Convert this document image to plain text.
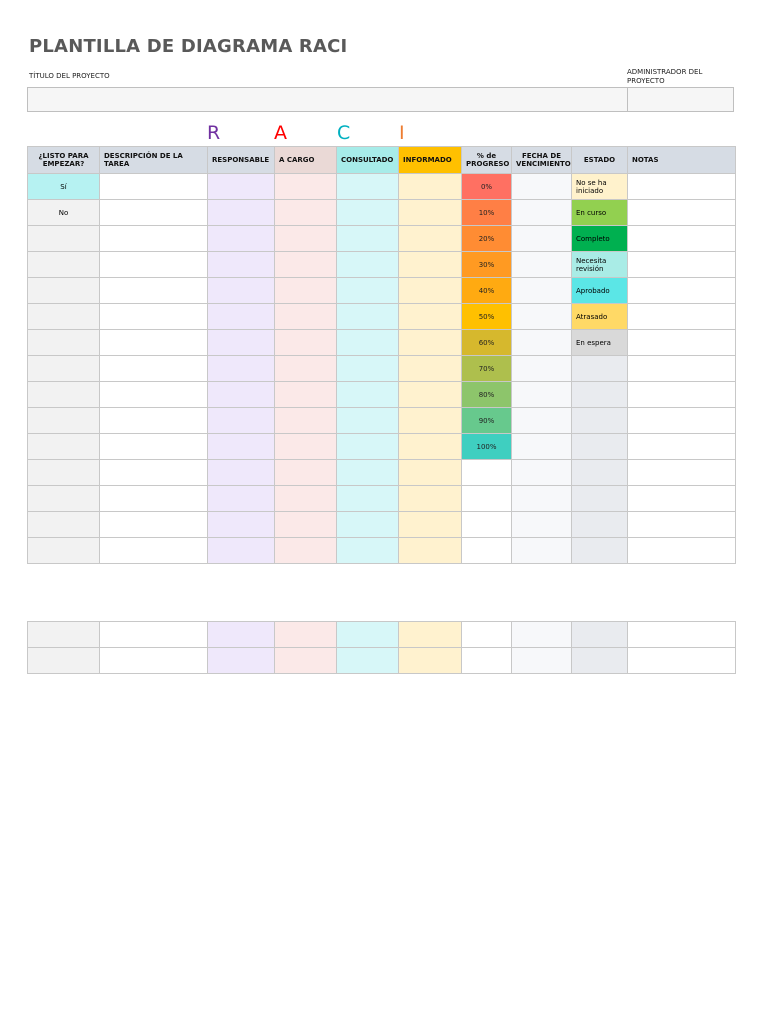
PLANTILLA DE DIAGRAMA RACI
TÍTULO DEL PROYECTO	ADMINISTRADOR DEL PROYECTO
R	A	C	I
¿LISTO PARA EMPEZAR?	DESCRIPCIÓN DE LA TAREA	RESPONSABLE	A CARGO	CONSULTADO	INFORMADO	% de PROGRESO	FECHA DE VENCIMIENTO	ESTADO	NOTAS
Sí						0%		No se ha iniciado	
No						10%		En curso	
						20%		Completo	
						30%		Necesita revisión	
						40%		Aprobado	
						50%		Atrasado	
						60%		En espera	
						70%			
						80%			
						90%			
						100%			
